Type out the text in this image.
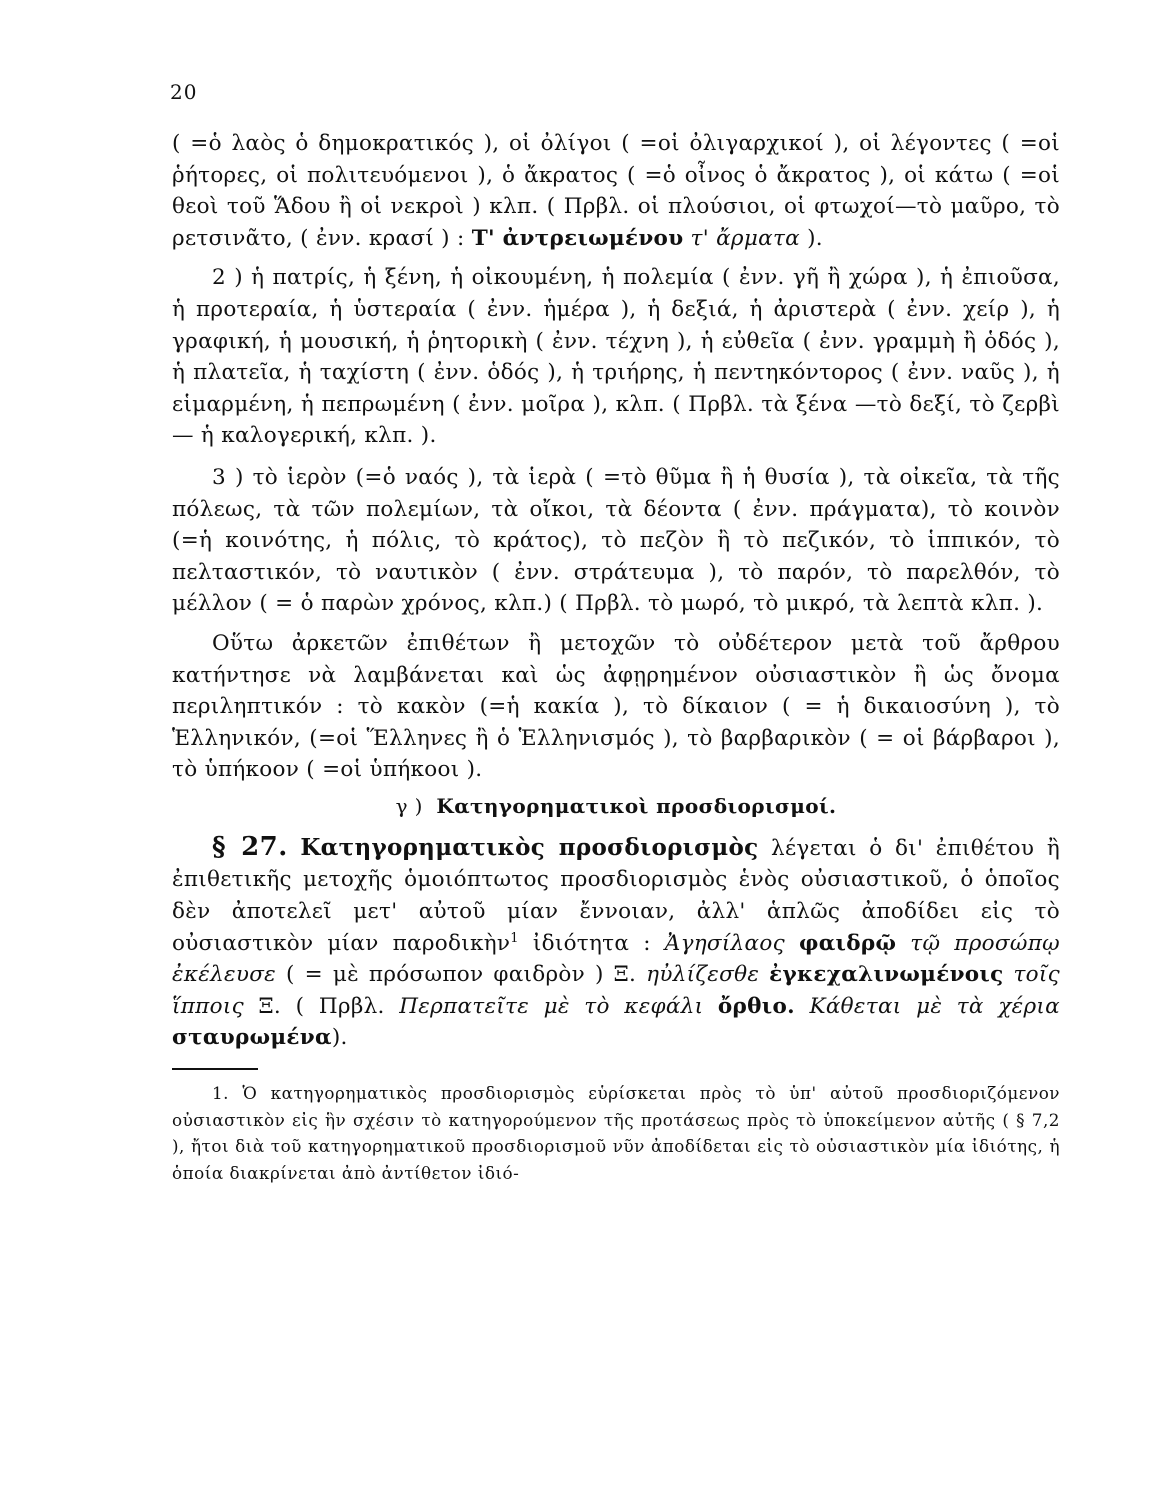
20

( =ὁ λαὸς ὁ δημοκρατικός ), οἱ ὀλίγοι ( =οἱ ὀλιγαρχικοί ), οἱ λέγοντες ( =οἱ ῥήτορες, οἱ πολιτευόμενοι ), ὁ ἄκρατος ( =ὁ οἶνος ὁ ἄκρατος ), οἱ κάτω ( =οἱ θεοὶ τοῦ Ἅδου ἢ οἱ νεκροὶ ) κλπ. ( Πρβλ. οἱ πλούσιοι, οἱ φτωχοί—τὸ μαῦρο, τὸ ρετσινᾶτο, ( ἐνν. κρασί ) : Τ' ἀντρειωμένου τ' ἄρματα ).

2 ) ἡ πατρίς, ἡ ξένη, ἡ οἰκουμένη, ἡ πολεμία ( ἐνν. γῆ ἢ χώρα ), ἡ ἐπιοῦσα, ἡ προτεραία, ἡ ὑστεραία ( ἐνν. ἡμέρα ), ἡ δεξιά, ἡ ἀριστερὰ ( ἐνν. χείρ ), ἡ γραφική, ἡ μουσική, ἡ ῥητορικὴ ( ἐνν. τέχνη ), ἡ εὐθεῖα ( ἐνν. γραμμὴ ἢ ὁδός ), ἡ πλατεῖα, ἡ ταχίστη ( ἐνν. ὁδός ), ἡ τριήρης, ἡ πεντηκόντορος ( ἐνν. ναῦς ), ἡ εἱμαρμένη, ἡ πεπρωμένη ( ἐνν. μοῖρα ), κλπ. ( Πρβλ. τὰ ξένα —τὸ δεξί, τὸ ζερβὶ— ἡ καλογερική, κλπ. ).

3 ) τὸ ἱερὸν (=ὁ ναός ), τὰ ἱερὰ ( =τὸ θῦμα ἢ ἡ θυσία ), τὰ οἰκεῖα, τὰ τῆς πόλεως, τὰ τῶν πολεμίων, τὰ οἴκοι, τὰ δέοντα ( ἐνν. πράγματα), τὸ κοινὸν (=ἡ κοινότης, ἡ πόλις, τὸ κράτος), τὸ πεζὸν ἢ τὸ πεζικόν, τὸ ἱππικόν, τὸ πελταστικόν, τὸ ναυτικὸν ( ἐνν. στράτευμα ), τὸ παρόν, τὸ παρελθόν, τὸ μέλλον ( = ὁ παρὼν χρόνος, κλπ.) ( Πρβλ. τὸ μωρό, τὸ μικρό, τὰ λεπτὰ κλπ. ).

Οὕτω ἀρκετῶν ἐπιθέτων ἢ μετοχῶν τὸ οὐδέτερον μετὰ τοῦ ἄρθρου κατήντησε νὰ λαμβάνεται καὶ ὡς ἀφῃρημένον οὐσιαστικὸν ἢ ὡς ὄνομα περιληπτικόν : τὸ κακὸν (=ἡ κακία ), τὸ δίκαιον ( = ἡ δικαιοσύνη ), τὸ Ἑλληνικόν, (=οἱ Ἕλληνες ἢ ὁ Ἑλληνισμός ), τὸ βαρβαρικὸν ( = οἱ βάρβαροι ), τὸ ὑπήκοον ( =οἱ ὑπήκοοι ).

γ ) Κατηγορηματικοὶ προσδιορισμοί.

§ 27. Κατηγορηματικὸς προσδιορισμὸς λέγεται ὁ δι' ἐπιθέτου ἢ ἐπιθετικῆς μετοχῆς ὁμοιόπτωτος προσδιορισμὸς ἑνὸς οὐσιαστικοῦ, ὁ ὁποῖος δὲν ἀποτελεῖ μετ' αὐτοῦ μίαν ἔννοιαν, ἀλλ' ἁπλῶς ἀποδίδει εἰς τὸ οὐσιαστικὸν μίαν παροδικὴν$^1$ ἰδιότητα : Ἀγησίλαος φαιδρῷ τῷ προσώπῳ ἐκέλευσε ( = μὲ πρόσωπον φαιδρὸν ) Ξ. ηὐλίζεσθε ἐγκεχαλινωμένοις τοῖς ἵπποις Ξ. ( Πρβλ. Περπατεῖτε μὲ τὸ κεφάλι ὄρθιο. Κάθεται μὲ τὰ χέρια σταυρωμένα).

1. Ὁ κατηγορηματικὸς προσδιορισμὸς εὑρίσκεται πρὸς τὸ ὑπ' αὐτοῦ προσδιοριζόμενον οὐσιαστικὸν εἰς ἣν σχέσιν τὸ κατηγορούμενον τῆς προτάσεως πρὸς τὸ ὑποκείμενον αὐτῆς ( § 7,2 ), ἤτοι διὰ τοῦ κατηγορηματικοῦ προσδιορισμοῦ νῦν ἀποδίδεται εἰς τὸ οὐσιαστικὸν μία ἰδιότης, ἡ ὁποία διακρίνεται ἀπὸ ἀντίθετον ἰδιό-
